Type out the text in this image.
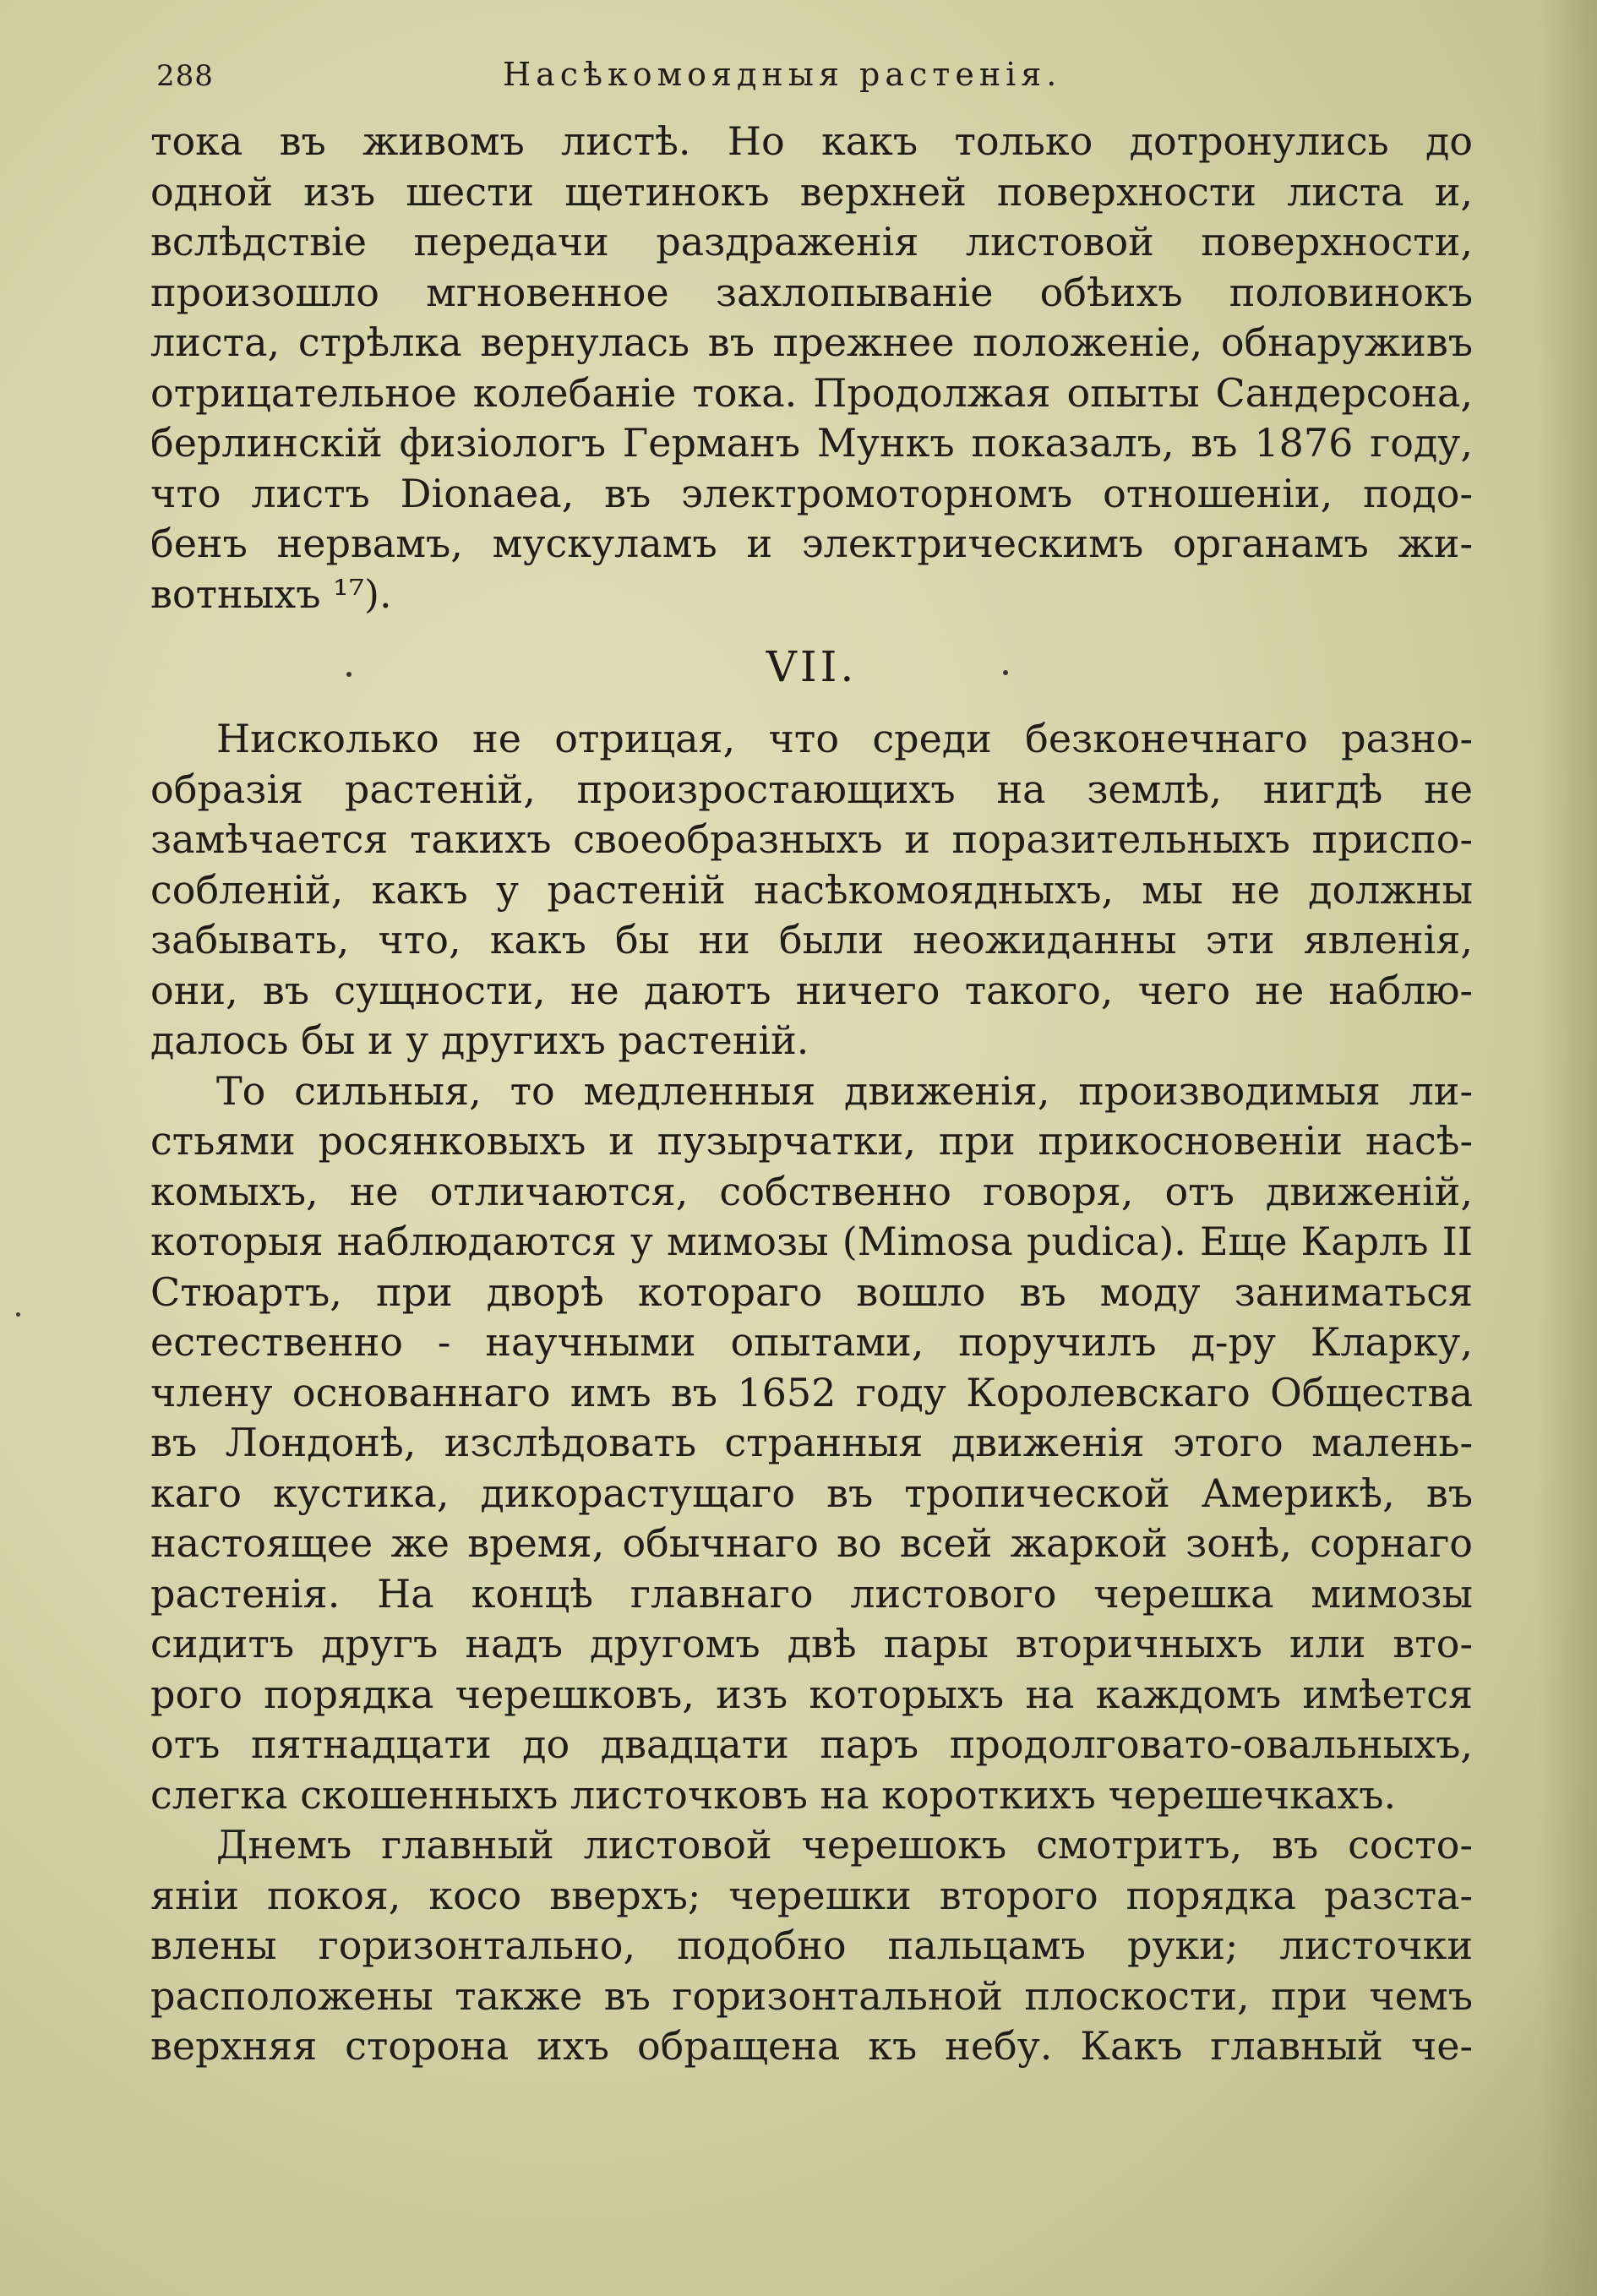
288	Насѣкомоядныя растенія.
тока въ живомъ листѣ. Но какъ только дотронулись до
одной изъ шести щетинокъ верхней поверхности листа и,
вслѣдствіе передачи раздраженія листовой поверхности,
произошло мгновенное захлопываніе обѣихъ половинокъ
листа, стрѣлка вернулась въ прежнее положеніе, обнаруживъ
отрицательное колебаніе тока. Продолжая опыты Сандерсона,
берлинскій физіологъ Германъ Мункъ показалъ, въ 1876 году,
что листъ Dionaea, въ электромоторномъ отношеніи, подо-
бенъ нервамъ, мускуламъ и электрическимъ органамъ жи-
вотныхъ ¹⁷).
VII.
Нисколько не отрицая, что среди безконечнаго разно-
образія растеній, произростающихъ на землѣ, нигдѣ не
замѣчается такихъ своеобразныхъ и поразительныхъ приспо-
собленій, какъ у растеній насѣкомоядныхъ, мы не должны
забывать, что, какъ бы ни были неожиданны эти явленія,
они, въ сущности, не даютъ ничего такого, чего не наблю-
далось бы и у другихъ растеній.
То сильныя, то медленныя движенія, производимыя ли-
стьями росянковыхъ и пузырчатки, при прикосновеніи насѣ-
комыхъ, не отличаются, собственно говоря, отъ движеній,
которыя наблюдаются у мимозы (Mimosa pudica). Еще Карлъ II
Стюартъ, при дворѣ котораго вошло въ моду заниматься
естественно - научными опытами, поручилъ д-ру Кларку,
члену основаннаго имъ въ 1652 году Королевскаго Общества
въ Лондонѣ, изслѣдовать странныя движенія этого малень-
каго кустика, дикорастущаго въ тропической Америкѣ, въ
настоящее же время, обычнаго во всей жаркой зонѣ, сорнаго
растенія. На концѣ главнаго листового черешка мимозы
сидитъ другъ надъ другомъ двѣ пары вторичныхъ или вто-
рого порядка черешковъ, изъ которыхъ на каждомъ имѣется
отъ пятнадцати до двадцати паръ продолговато-овальныхъ,
слегка скошенныхъ листочковъ на короткихъ черешечкахъ.
Днемъ главный листовой черешокъ смотритъ, въ состо-
яніи покоя, косо вверхъ; черешки второго порядка разста-
влены горизонтально, подобно пальцамъ руки; листочки
расположены также въ горизонтальной плоскости, при чемъ
верхняя сторона ихъ обращена къ небу. Какъ главный че-
